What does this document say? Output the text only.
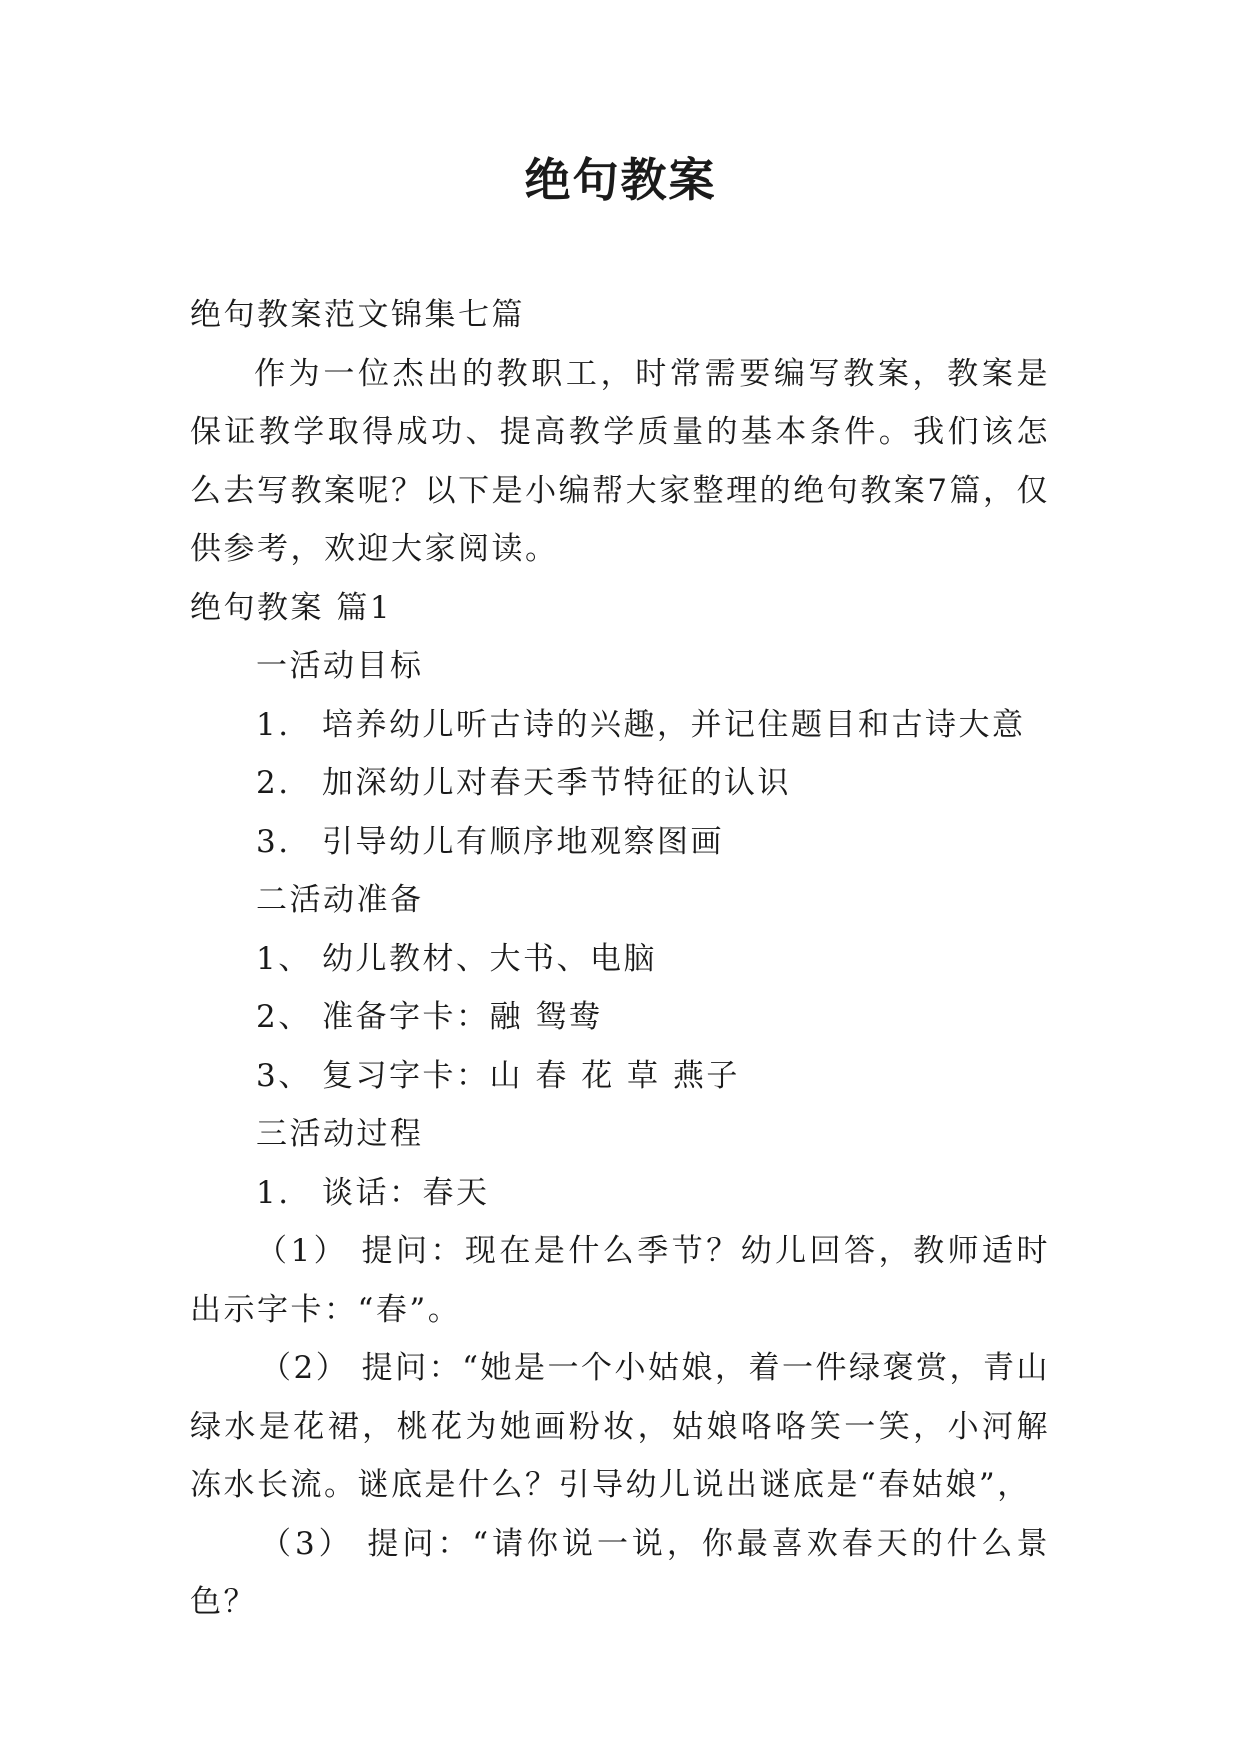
绝句教案

绝句教案范文锦集七篇

作为一位杰出的教职工，时常需要编写教案，教案是保证教学取得成功、提高教学质量的基本条件。我们该怎么去写教案呢？以下是小编帮大家整理的绝句教案7篇，仅供参考，欢迎大家阅读。

绝句教案 篇1

一活动目标

1.	培养幼儿听古诗的兴趣，并记住题目和古诗大意
2.	加深幼儿对春天季节特征的认识
3.	引导幼儿有顺序地观察图画

二活动准备

1、 幼儿教材、大书、电脑
2、 准备字卡：融 鸳鸯
3、 复习字卡：山 春 花 草 燕子

三活动过程

1.	谈话：春天

（1） 提问：现在是什么季节？幼儿回答，教师适时出示字卡：“春”。

（2） 提问：“她是一个小姑娘，着一件绿褒赏，青山绿水是花裙，桃花为她画粉妆，姑娘咯咯笑一笑，小河解冻水长流。谜底是什么？引导幼儿说出谜底是“春姑娘”，

（3） 提问：“请你说一说，你最喜欢春天的什么景色？
